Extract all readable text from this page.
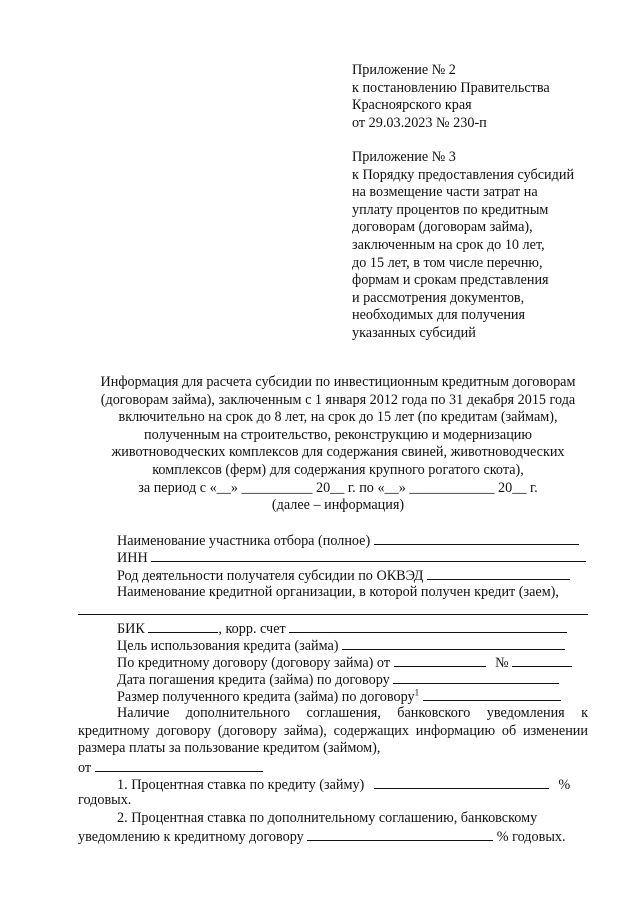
Приложение № 2
к постановлению Правительства
Красноярского края
от 29.03.2023 № 230-п
Приложение № 3
к Порядку предоставления субсидий
на возмещение части затрат на
уплату процентов по кредитным
договорам (договорам займа),
заключенным на срок до 10 лет,
до 15 лет, в том числе перечню,
формам и срокам представления
и рассмотрения документов,
необходимых для получения
указанных субсидий
Информация для расчета субсидии по инвестиционным кредитным договорам
(договорам займа), заключенным с 1 января 2012 года по 31 декабря 2015 года
включительно на срок до 8 лет, на срок до 15 лет (по кредитам (займам),
полученным на строительство, реконструкцию и модернизацию
животноводческих комплексов для содержания свиней, животноводческих
комплексов (ферм) для содержания крупного рогатого скота),
за период с «__» __________ 20__ г. по «__» ____________ 20__ г.
(далее – информация)
Наименование участника отбора (полное)
ИНН
Род деятельности получателя субсидии по ОКВЭД
Наименование кредитной организации, в которой получен кредит (заем),
БИК	, корр. счет
Цель использования кредита (займа)
По кредитному договору (договору займа) от	№
Дата погашения кредита (займа) по договору
Размер полученного кредита (займа) по договору$^1$
Наличие дополнительного соглашения, банковского уведомления к кредитному договору (договору займа), содержащих информацию об изменении размера платы за пользование кредитом (займом),
от
1. Процентная ставка по кредиту (займу)	%
годовых.
2. Процентная ставка по дополнительному соглашению, банковскому
уведомлению к кредитному договору	% годовых.
